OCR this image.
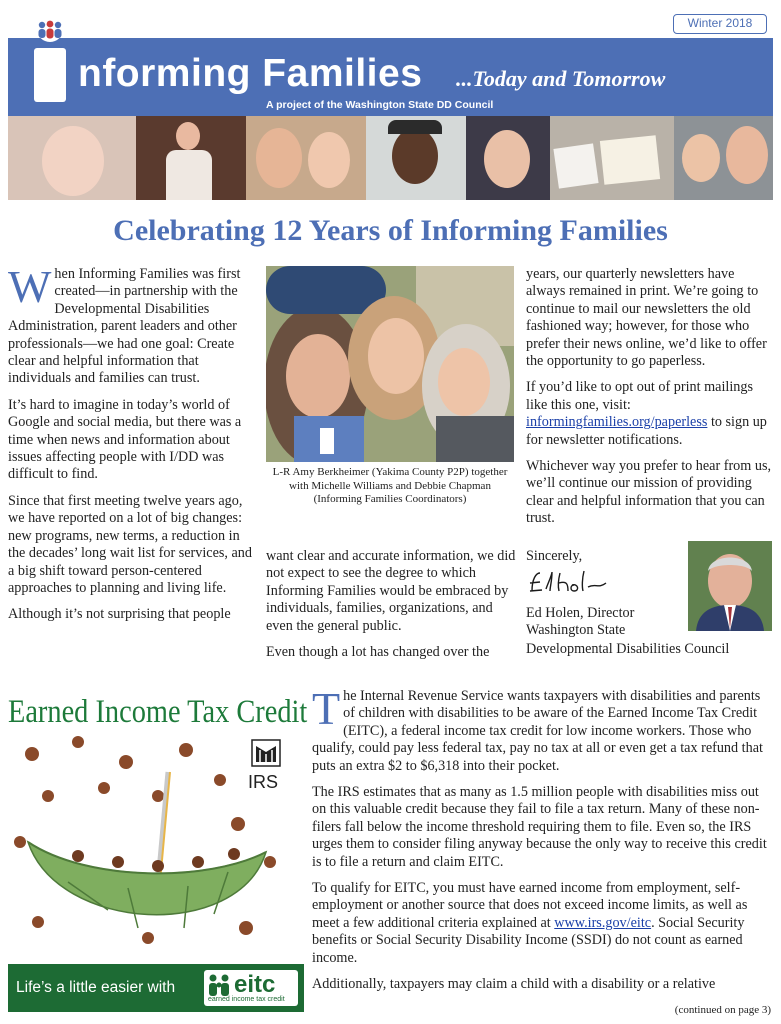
Winter 2018
nforming Families ...Today and Tomorrow
A project of the Washington State DD Council
Celebrating 12 Years of Informing Families

When Informing Families was first created—in partnership with the Developmental Disabilities Administration, parent leaders and other professionals—we had one goal: Create clear and helpful information that individuals and families can trust.

It’s hard to imagine in today’s world of Google and social media, but there was a time when news and information about issues affecting people with I/DD was difficult to find.

Since that first meeting twelve years ago, we have reported on a lot of big changes: new programs, new terms, a reduction in the decades’ long wait list for services, and a big shift toward person-centered approaches to planning and living life.

Although it’s not surprising that people

L-R Amy Berkheimer (Yakima County P2P) together with Michelle Williams and Debbie Chapman (Informing Families Coordinators)

want clear and accurate information, we did not expect to see the degree to which Informing Families would be embraced by individuals, families, organizations, and even the general public.

Even though a lot has changed over the

years, our quarterly newsletters have always remained in print. We’re going to continue to mail our newsletters the old fashioned way; however, for those who prefer their news online, we’d like to offer the opportunity to go paperless.

If you’d like to opt out of print mailings like this one, visit: informingfamilies.org/paperless to sign up for newsletter notifications.

Whichever way you prefer to hear from us, we’ll continue our mission of providing clear and helpful information that you can trust.

Sincerely,
Ed Holen, Director
Washington State
Developmental Disabilities Council
Earned Income Tax Credit
IRS
Life’s a little easier with eitc
earned income tax credit

The Internal Revenue Service wants taxpayers with disabilities and parents of children with disabilities to be aware of the Earned Income Tax Credit (EITC), a federal income tax credit for low income workers. Those who qualify, could pay less federal tax, pay no tax at all or even get a tax refund that puts an extra $2 to $6,318 into their pocket.

The IRS estimates that as many as 1.5 million people with disabilities miss out on this valuable credit because they fail to file a tax return. Many of these non-filers fall below the income threshold requiring them to file. Even so, the IRS urges them to consider filing anyway because the only way to receive this credit is to file a return and claim EITC.

To qualify for EITC, you must have earned income from employment, self-employment or another source that does not exceed income limits, as well as meet a few additional criteria explained at www.irs.gov/eitc. Social Security benefits or Social Security Disability Income (SSDI) do not count as earned income.

Additionally, taxpayers may claim a child with a disability or a relative

(continued on page 3)
